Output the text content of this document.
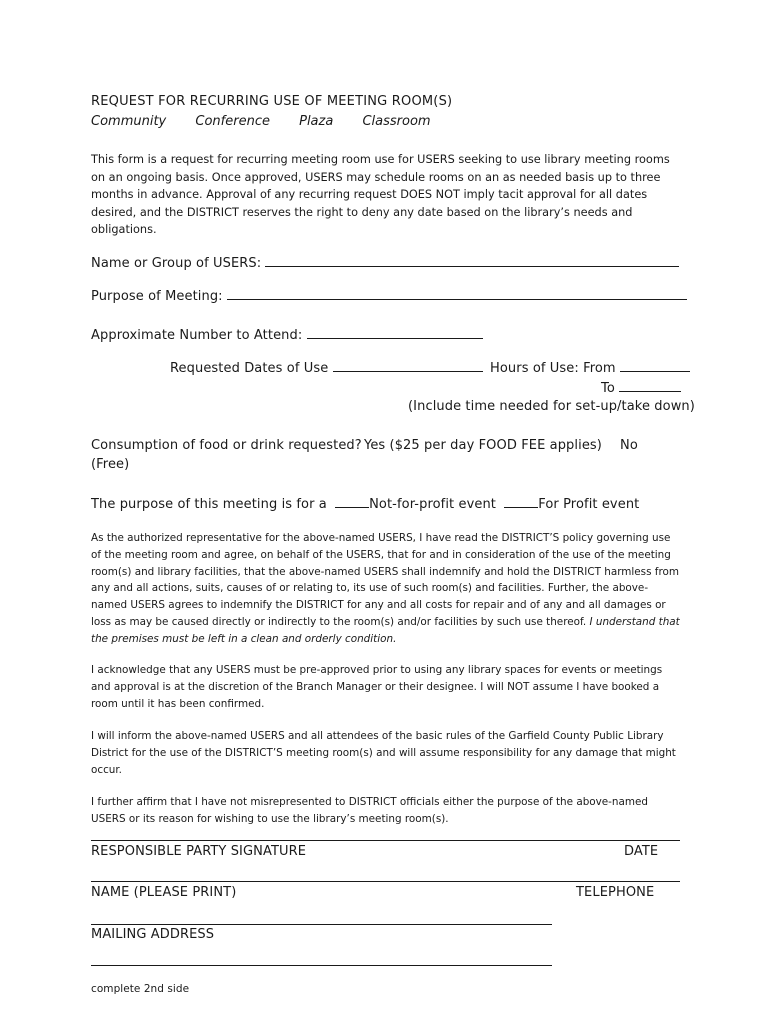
REQUEST FOR RECURRING USE OF MEETING ROOM(S)
Community Conference Plaza Classroom
This form is a request for recurring meeting room use for USERS seeking to use library meeting rooms on an ongoing basis. Once approved, USERS may schedule rooms on an as needed basis up to three months in advance. Approval of any recurring request DOES NOT imply tacit approval for all dates desired, and the DISTRICT reserves the right to deny any date based on the library’s needs and obligations.
Name or Group of USERS:
Purpose of Meeting:
Approximate Number to Attend:
Requested Dates of Use	Hours of Use: From
To
(Include time needed for set-up/take down)
Consumption of food or drink requested? Yes ($25 per day FOOD FEE applies) No
(Free)
The purpose of this meeting is for a	Not-for-profit event	For Profit event
As the authorized representative for the above-named USERS, I have read the DISTRICT’S policy governing use of the meeting room and agree, on behalf of the USERS, that for and in consideration of the use of the meeting room(s) and library facilities, that the above-named USERS shall indemnify and hold the DISTRICT harmless from any and all actions, suits, causes of or relating to, its use of such room(s) and facilities. Further, the above-named USERS agrees to indemnify the DISTRICT for any and all costs for repair and of any and all damages or loss as may be caused directly or indirectly to the room(s) and/or facilities by such use thereof. I understand that the premises must be left in a clean and orderly condition.
I acknowledge that any USERS must be pre-approved prior to using any library spaces for events or meetings and approval is at the discretion of the Branch Manager or their designee. I will NOT assume I have booked a room until it has been confirmed.
I will inform the above-named USERS and all attendees of the basic rules of the Garfield County Public Library District for the use of the DISTRICT’S meeting room(s) and will assume responsibility for any damage that might occur.
I further affirm that I have not misrepresented to DISTRICT officials either the purpose of the above-named USERS or its reason for wishing to use the library’s meeting room(s).
RESPONSIBLE PARTY SIGNATURE	DATE
NAME (PLEASE PRINT)	TELEPHONE
MAILING ADDRESS
complete 2nd side
